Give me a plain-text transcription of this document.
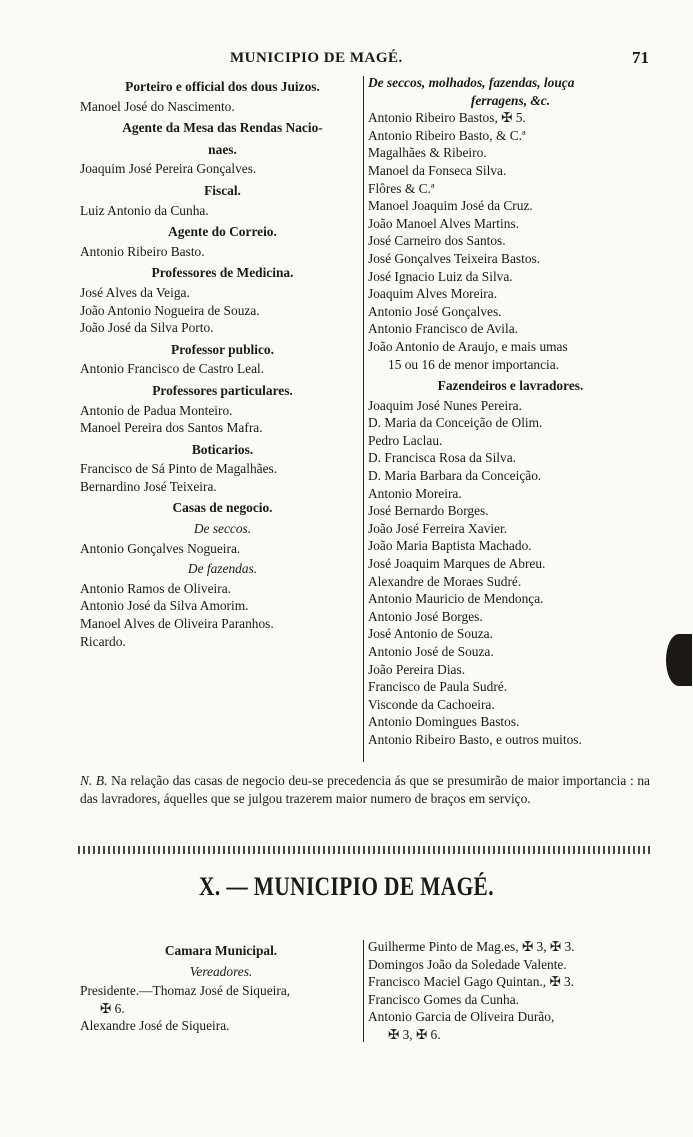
MUNICIPIO DE MAGÉ.	71
Porteiro e official dos dous Juizos.
Manoel José do Nascimento.
Agente da Mesa das Rendas Nacio-
naes.
Joaquim José Pereira Gonçalves.
Fiscal.
Luiz Antonio da Cunha.
Agente do Correio.
Antonio Ribeiro Basto.
Professores de Medicina.
José Alves da Veiga.
João Antonio Nogueira de Souza.
João José da Silva Porto.
Professor publico.
Antonio Francisco de Castro Leal.
Professores particulares.
Antonio de Padua Monteiro.
Manoel Pereira dos Santos Mafra.
Boticarios.
Francisco de Sá Pinto de Magalhães.
Bernardino José Teixeira.
Casas de negocio.
De seccos.
Antonio Gonçalves Nogueira.
De fazendas.
Antonio Ramos de Oliveira.
Antonio José da Silva Amorim.
Manoel Alves de Oliveira Paranhos.
Ricardo.
De seccos, molhados, fazendas, louça
ferragens, &c.
Antonio Ribeiro Bastos, ✠ 5.
Antonio Ribeiro Basto, & C.ª
Magalhães & Ribeiro.
Manoel da Fonseca Silva.
Flôres & C.ª
Manoel Joaquim José da Cruz.
João Manoel Alves Martins.
José Carneiro dos Santos.
José Gonçalves Teixeira Bastos.
José Ignacio Luiz da Silva.
Joaquim Alves Moreira.
Antonio José Gonçalves.
Antonio Francisco de Avila.
João Antonio de Araujo, e mais umas
15 ou 16 de menor importancia.
Fazendeiros e lavradores.
Joaquim José Nunes Pereira.
D. Maria da Conceição de Olim.
Pedro Laclau.
D. Francisca Rosa da Silva.
D. Maria Barbara da Conceição.
Antonio Moreira.
José Bernardo Borges.
João José Ferreira Xavier.
João Maria Baptista Machado.
José Joaquim Marques de Abreu.
Alexandre de Moraes Sudré.
Antonio Mauricio de Mendonça.
Antonio José Borges.
José Antonio de Souza.
Antonio José de Souza.
João Pereira Dias.
Francisco de Paula Sudré.
Visconde da Cachoeira.
Antonio Domingues Bastos.
Antonio Ribeiro Basto, e outros muitos.
N. B. Na relação das casas de negocio deu-se precedencia ás que se presumirão de maior importancia : na das lavradores, áquelles que se julgou trazerem maior numero de braços em serviço.
X. — MUNICIPIO DE MAGÉ.
Camara Municipal.
Vereadores.
Presidente.—Thomaz José de Siqueira,
✠ 6.
Alexandre José de Siqueira.
Guilherme Pinto de Mag.es, ✠ 3, ✠ 3.
Domingos João da Soledade Valente.
Francisco Maciel Gago Quintan., ✠ 3.
Francisco Gomes da Cunha.
Antonio Garcia de Oliveira Durão,
✠ 3, ✠ 6.
